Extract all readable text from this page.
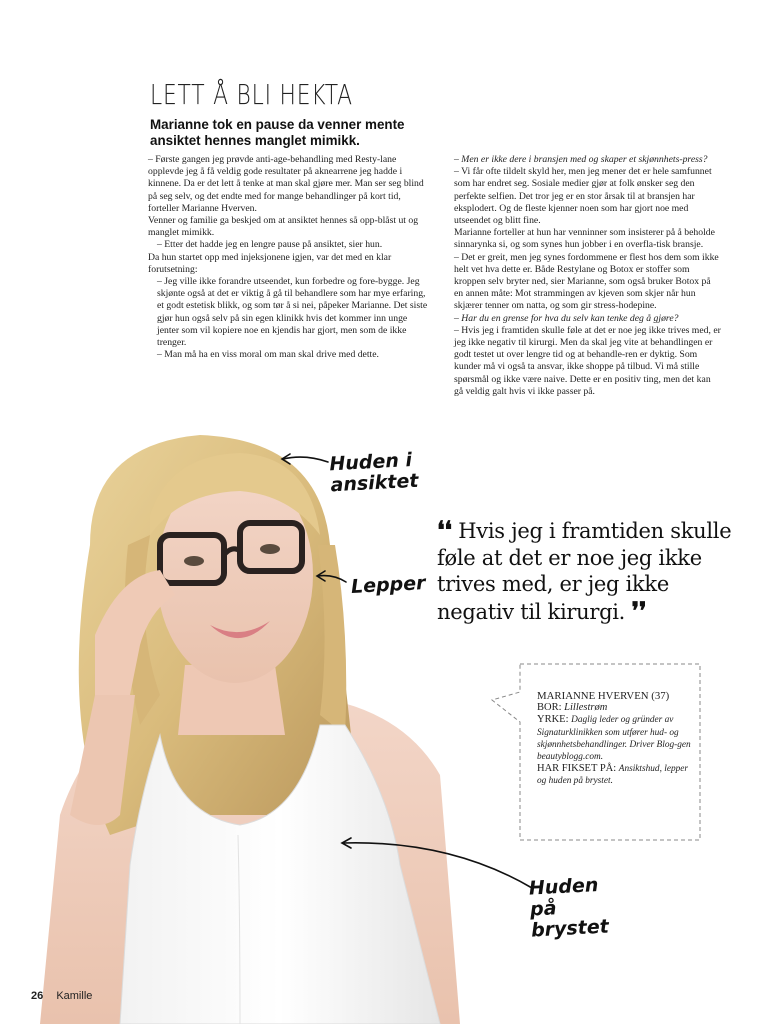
LETT Å BLI HEKTA
Marianne tok en pause da venner mente ansiktet hennes manglet mimikk.

– Første gangen jeg prøvde anti-age-behandling med Resty-lane opplevde jeg å få veldig gode resultater på aknearrene jeg hadde i kinnene. Da er det lett å tenke at man skal gjøre mer. Man ser seg blind på seg selv, og det endte med for mange behandlinger på kort tid, forteller Marianne Hverven.

Venner og familie ga beskjed om at ansiktet hennes så opp-blåst ut og manglet mimikk.

– Etter det hadde jeg en lengre pause på ansiktet, sier hun.

Da hun startet opp med injeksjonene igjen, var det med en klar forutsetning:

– Jeg ville ikke forandre utseendet, kun forbedre og fore-bygge. Jeg skjønte også at det er viktig å gå til behandlere som har mye erfaring, et godt estetisk blikk, og som tør å si nei, påpeker Marianne. Det siste gjør hun også selv på sin egen klinikk hvis det kommer inn unge jenter som vil kopiere noe en kjendis har gjort, men som de ikke trenger.

– Man må ha en viss moral om man skal drive med dette.

– Men er ikke dere i bransjen med og skaper et skjønnhets-press?

– Vi får ofte tildelt skyld her, men jeg mener det er hele samfunnet som har endret seg. Sosiale medier gjør at folk ønsker seg den perfekte selfien. Det tror jeg er en stor årsak til at bransjen har eksplodert. Og de fleste kjenner noen som har gjort noe med utseendet og blitt fine.

Marianne forteller at hun har venninner som insisterer på å beholde sinnarynka si, og som synes hun jobber i en overfla-tisk bransje.

– Det er greit, men jeg synes fordommene er flest hos dem som ikke helt vet hva dette er. Både Restylane og Botox er stoffer som kroppen selv bryter ned, sier Marianne, som også bruker Botox på en annen måte: Mot strammingen av kjeven som skjer når hun skjærer tenner om natta, og som gir stress-hodepine.

– Har du en grense for hva du selv kan tenke deg å gjøre?

– Hvis jeg i framtiden skulle føle at det er noe jeg ikke trives med, er jeg ikke negativ til kirurgi. Men da skal jeg vite at behandlingen er godt testet ut over lengre tid og at behandle-ren er dyktig. Som kunder må vi også ta ansvar, ikke shoppe på tilbud. Vi må stille spørsmål og ikke være naive. Dette er en positiv ting, men det kan gå veldig galt hvis vi ikke passer på.

Huden i ansiktet
Lepper
Huden på brystet
❛❛ Hvis jeg i framtiden skulle føle at det er noe jeg ikke trives med, er jeg ikke negativ til kirurgi. ❜❜
MARIANNE HVERVEN (37)
BOR: Lillestrøm
YRKE: Daglig leder og gründer av Signaturklinikken som utfører hud- og skjønnhetsbehandlinger. Driver Blog-gen beautyblogg.com.
HAR FIKSET PÅ: Ansiktshud, lepper og huden på brystet.
26 Kamille
